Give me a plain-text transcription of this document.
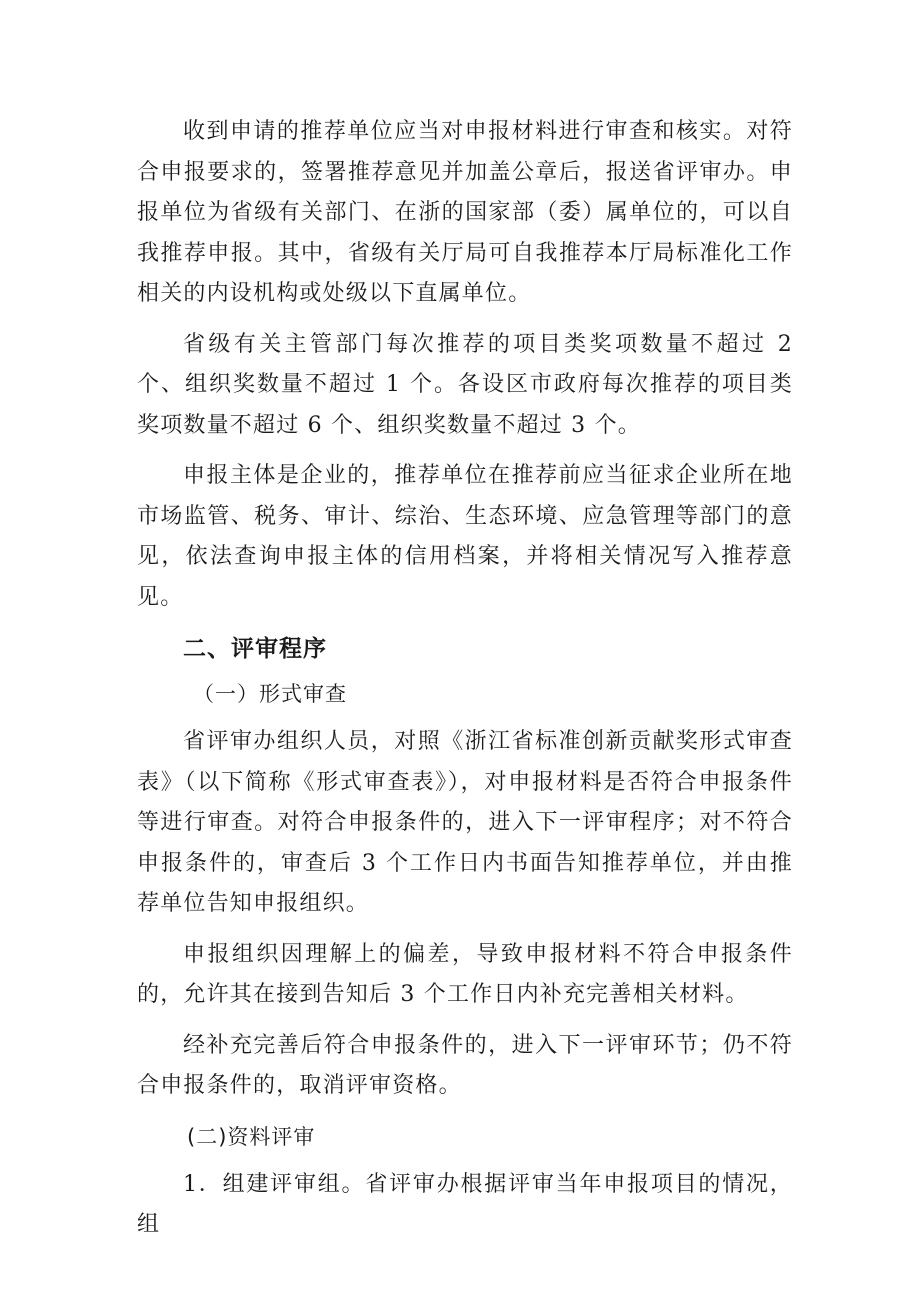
收到申请的推荐单位应当对申报材料进行审查和核实。对符合申报要求的，签署推荐意见并加盖公章后，报送省评审办。申报单位为省级有关部门、在浙的国家部（委）属单位的，可以自我推荐申报。其中，省级有关厅局可自我推荐本厅局标准化工作相关的内设机构或处级以下直属单位。

省级有关主管部门每次推荐的项目类奖项数量不超过 2 个、组织奖数量不超过 1 个。各设区市政府每次推荐的项目类奖项数量不超过 6 个、组织奖数量不超过 3 个。

申报主体是企业的，推荐单位在推荐前应当征求企业所在地市场监管、税务、审计、综治、生态环境、应急管理等部门的意见，依法查询申报主体的信用档案，并将相关情况写入推荐意见。

二、评审程序
（一）形式审查

省评审办组织人员，对照《浙江省标准创新贡献奖形式审查表》（以下简称《形式审查表》），对申报材料是否符合申报条件等进行审查。对符合申报条件的，进入下一评审程序；对不符合申报条件的，审查后 3 个工作日内书面告知推荐单位，并由推荐单位告知申报组织。

申报组织因理解上的偏差，导致申报材料不符合申报条件的，允许其在接到告知后 3 个工作日内补充完善相关材料。

经补充完善后符合申报条件的，进入下一评审环节；仍不符合申报条件的，取消评审资格。

(二)资料评审

1．组建评审组。省评审办根据评审当年申报项目的情况，组
